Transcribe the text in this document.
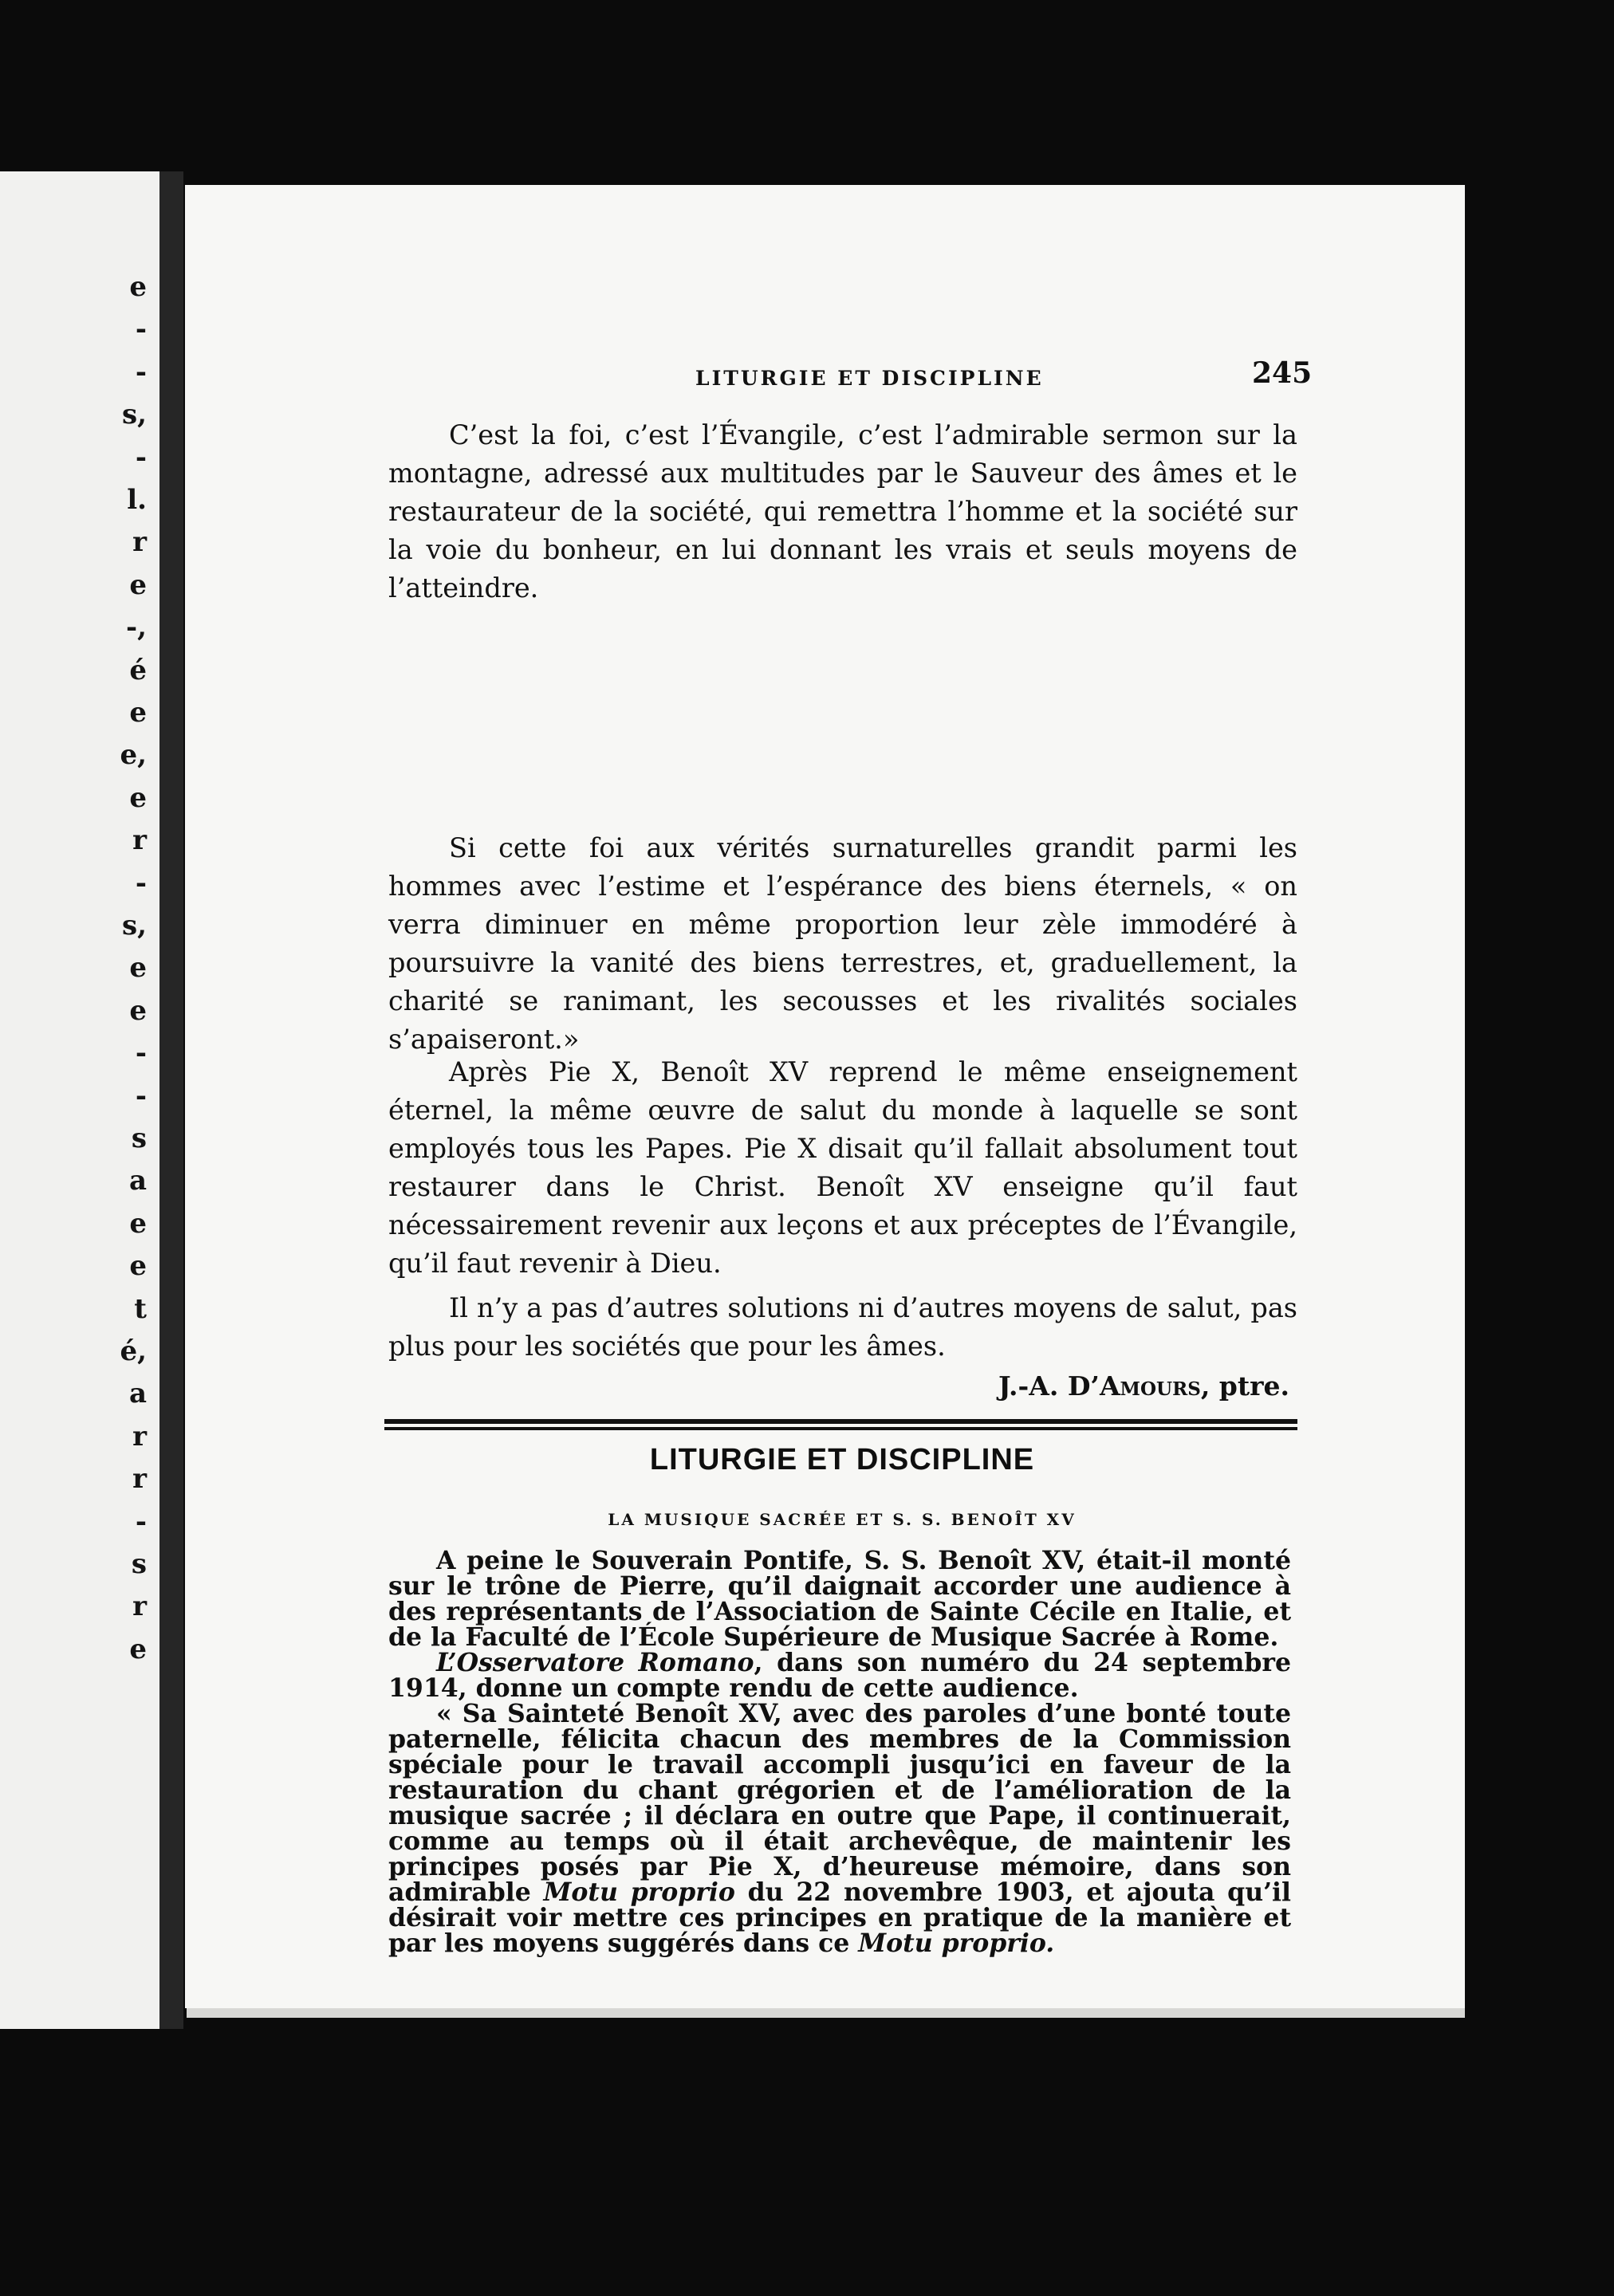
e
-
-
s,
-
l.
r
e
-,
é
e
e,
e
r
-
s,
e
e
-
-
s
a
e
e
t
é,
a
r
r
-
s
r
e
LITURGIE ET DISCIPLINE	245

C’est la foi, c’est l’Évangile, c’est l’admirable sermon sur la montagne, adressé aux multitudes par le Sauveur des âmes et le restaurateur de la société, qui remettra l’homme et la société sur la voie du bonheur, en lui donnant les vrais et seuls moyens de l’atteindre.

Si cette foi aux vérités surnaturelles grandit parmi les hommes avec l’estime et l’espérance des biens éternels, « on verra diminuer en même proportion leur zèle immodéré à poursuivre la vanité des biens terrestres, et, graduellement, la charité se ranimant, les secousses et les rivalités sociales s’apaiseront.»

Après Pie X, Benoît XV reprend le même enseignement éternel, la même œuvre de salut du monde à laquelle se sont employés tous les Papes. Pie X disait qu’il fallait absolument tout restaurer dans le Christ. Benoît XV enseigne qu’il faut nécessairement revenir aux leçons et aux préceptes de l’Évangile, qu’il faut revenir à Dieu.

Il n’y a pas d’autres solutions ni d’autres moyens de salut, pas plus pour les sociétés que pour les âmes.

J.-A. D’Amours, ptre.
LITURGIE ET DISCIPLINE
LA MUSIQUE SACRÉE ET S. S. BENOÎT XV

A peine le Souverain Pontife, S. S. Benoît XV, était-il monté sur le trône de Pierre, qu’il daignait accorder une audience à des représentants de l’Association de Sainte Cécile en Italie, et de la Faculté de l’École Supérieure de Musique Sacrée à Rome.

L’Osservatore Romano, dans son numéro du 24 septembre 1914, donne un compte rendu de cette audience.

« Sa Sainteté Benoît XV, avec des paroles d’une bonté toute paternelle, félicita chacun des membres de la Commission spéciale pour le travail accompli jusqu’ici en faveur de la restauration du chant grégorien et de l’amélioration de la musique sacrée ; il déclara en outre que Pape, il continuerait, comme au temps où il était archevêque, de maintenir les principes posés par Pie X, d’heureuse mémoire, dans son admirable Motu proprio du 22 novembre 1903, et ajouta qu’il désirait voir mettre ces principes en pratique de la manière et par les moyens suggérés dans ce Motu proprio.
